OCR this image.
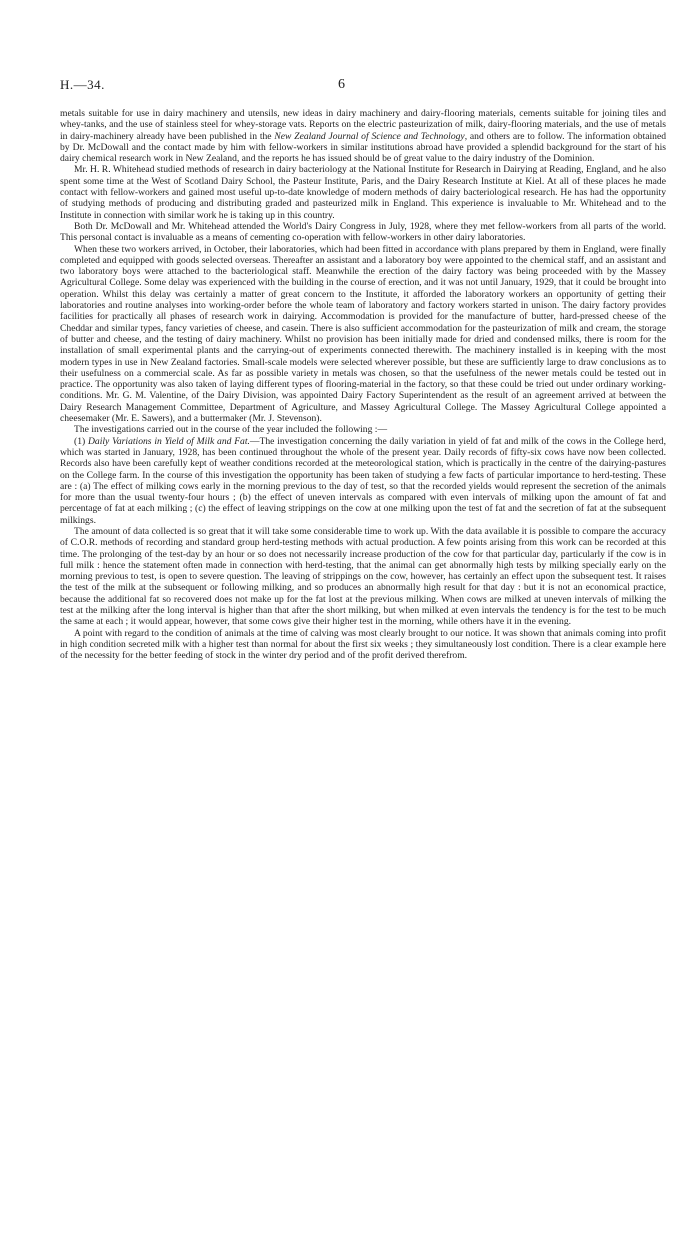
H.—34.	6

metals suitable for use in dairy machinery and utensils, new ideas in dairy machinery and dairy-flooring materials, cements suitable for joining tiles and whey-tanks, and the use of stainless steel for whey-storage vats. Reports on the electric pasteurization of milk, dairy-flooring materials, and the use of metals in dairy-machinery already have been published in the New Zealand Journal of Science and Technology, and others are to follow. The information obtained by Dr. McDowall and the contact made by him with fellow-workers in similar institutions abroad have provided a splendid background for the start of his dairy chemical research work in New Zealand, and the reports he has issued should be of great value to the dairy industry of the Dominion.

Mr. H. R. Whitehead studied methods of research in dairy bacteriology at the National Institute for Research in Dairying at Reading, England, and he also spent some time at the West of Scotland Dairy School, the Pasteur Institute, Paris, and the Dairy Research Institute at Kiel. At all of these places he made contact with fellow-workers and gained most useful up-to-date knowledge of modern methods of dairy bacteriological research. He has had the opportunity of studying methods of producing and distributing graded and pasteurized milk in England. This experience is invaluable to Mr. Whitehead and to the Institute in connection with similar work he is taking up in this country.

Both Dr. McDowall and Mr. Whitehead attended the World's Dairy Congress in July, 1928, where they met fellow-workers from all parts of the world. This personal contact is invaluable as a means of cementing co-operation with fellow-workers in other dairy laboratories.

When these two workers arrived, in October, their laboratories, which had been fitted in accordance with plans prepared by them in England, were finally completed and equipped with goods selected overseas. Thereafter an assistant and a laboratory boy were appointed to the chemical staff, and an assistant and two laboratory boys were attached to the bacteriological staff. Meanwhile the erection of the dairy factory was being proceeded with by the Massey Agricultural College. Some delay was experienced with the building in the course of erection, and it was not until January, 1929, that it could be brought into operation. Whilst this delay was certainly a matter of great concern to the Institute, it afforded the laboratory workers an opportunity of getting their laboratories and routine analyses into working-order before the whole team of laboratory and factory workers started in unison. The dairy factory provides facilities for practically all phases of research work in dairying. Accommodation is provided for the manufacture of butter, hard-pressed cheese of the Cheddar and similar types, fancy varieties of cheese, and casein. There is also sufficient accommodation for the pasteurization of milk and cream, the storage of butter and cheese, and the testing of dairy machinery. Whilst no provision has been initially made for dried and condensed milks, there is room for the installation of small experimental plants and the carrying-out of experiments connected therewith. The machinery installed is in keeping with the most modern types in use in New Zealand factories. Small-scale models were selected wherever possible, but these are sufficiently large to draw conclusions as to their usefulness on a commercial scale. As far as possible variety in metals was chosen, so that the usefulness of the newer metals could be tested out in practice. The opportunity was also taken of laying different types of flooring-material in the factory, so that these could be tried out under ordinary working-conditions. Mr. G. M. Valentine, of the Dairy Division, was appointed Dairy Factory Superintendent as the result of an agreement arrived at between the Dairy Research Management Committee, Department of Agriculture, and Massey Agricultural College. The Massey Agricultural College appointed a cheesemaker (Mr. E. Sawers), and a buttermaker (Mr. J. Stevenson).

The investigations carried out in the course of the year included the following :—

(1) Daily Variations in Yield of Milk and Fat.—The investigation concerning the daily variation in yield of fat and milk of the cows in the College herd, which was started in January, 1928, has been continued throughout the whole of the present year. Daily records of fifty-six cows have now been collected. Records also have been carefully kept of weather conditions recorded at the meteorological station, which is practically in the centre of the dairying-pastures on the College farm. In the course of this investigation the opportunity has been taken of studying a few facts of particular importance to herd-testing. These are : (a) The effect of milking cows early in the morning previous to the day of test, so that the recorded yields would represent the secretion of the animals for more than the usual twenty-four hours ; (b) the effect of uneven intervals as compared with even intervals of milking upon the amount of fat and percentage of fat at each milking ; (c) the effect of leaving strippings on the cow at one milking upon the test of fat and the secretion of fat at the subsequent milkings.

The amount of data collected is so great that it will take some considerable time to work up. With the data available it is possible to compare the accuracy of C.O.R. methods of recording and standard group herd-testing methods with actual production. A few points arising from this work can be recorded at this time. The prolonging of the test-day by an hour or so does not necessarily increase production of the cow for that particular day, particularly if the cow is in full milk : hence the statement often made in connection with herd-testing, that the animal can get abnormally high tests by milking specially early on the morning previous to test, is open to severe question. The leaving of strippings on the cow, however, has certainly an effect upon the subsequent test. It raises the test of the milk at the subsequent or following milking, and so produces an abnormally high result for that day : but it is not an economical practice, because the additional fat so recovered does not make up for the fat lost at the previous milking. When cows are milked at uneven intervals of milking the test at the milking after the long interval is higher than that after the short milking, but when milked at even intervals the tendency is for the test to be much the same at each ; it would appear, however, that some cows give their higher test in the morning, while others have it in the evening.

A point with regard to the condition of animals at the time of calving was most clearly brought to our notice. It was shown that animals coming into profit in high condition secreted milk with a higher test than normal for about the first six weeks ; they simultaneously lost condition. There is a clear example here of the necessity for the better feeding of stock in the winter dry period and of the profit derived therefrom.
